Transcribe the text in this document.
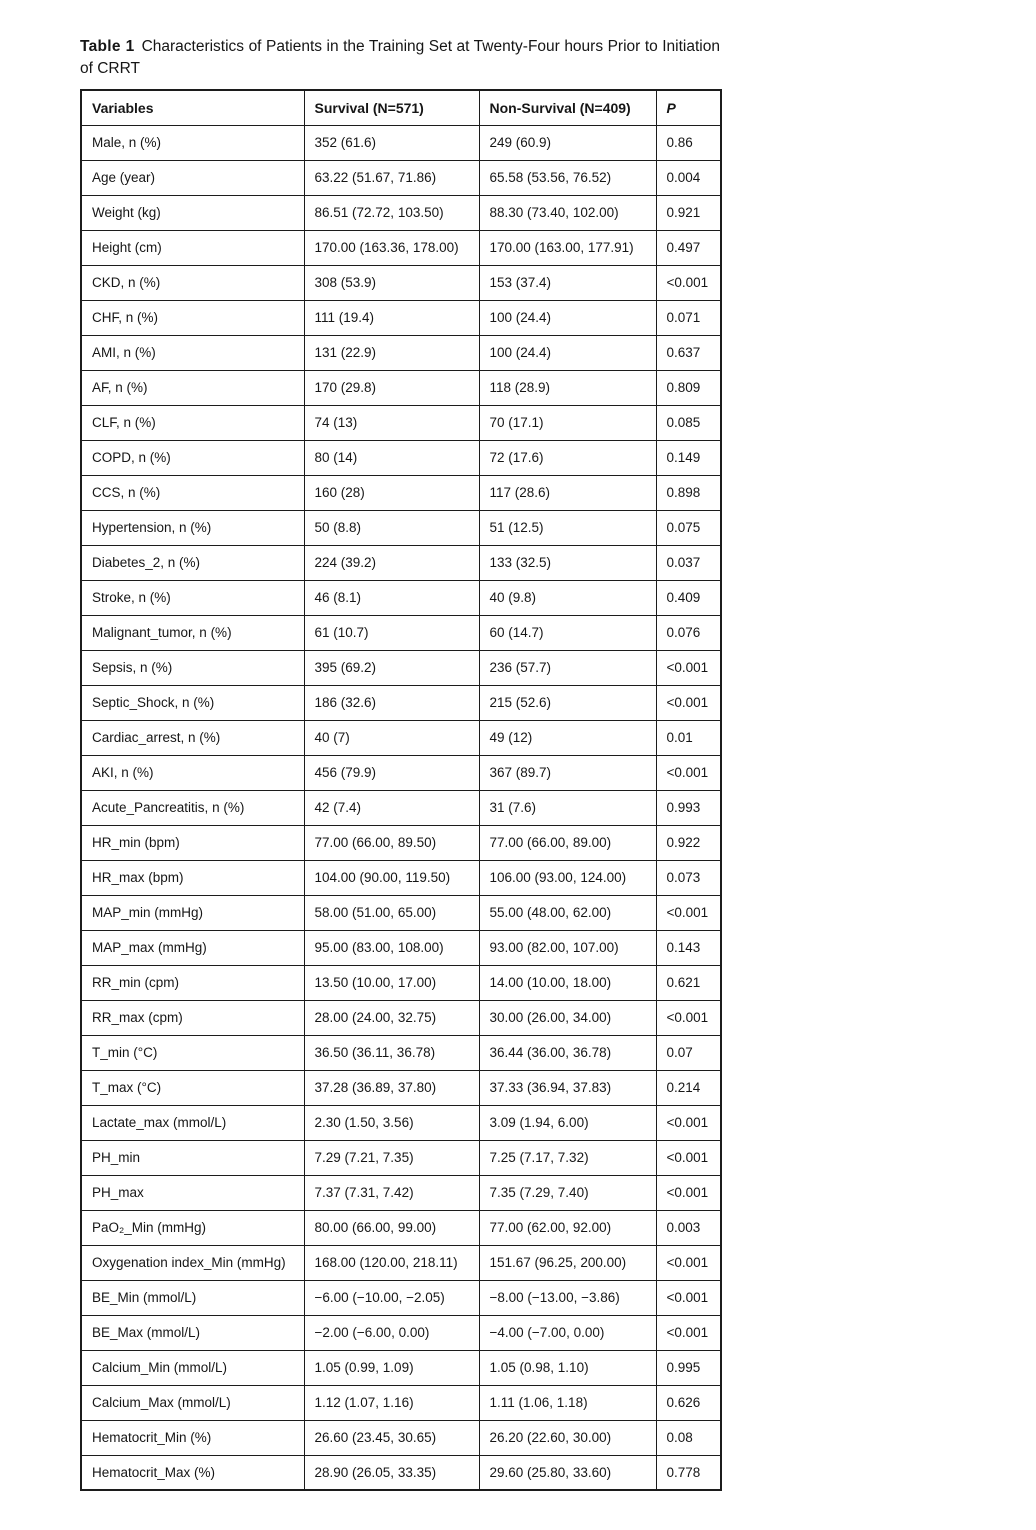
Table 1 Characteristics of Patients in the Training Set at Twenty-Four hours Prior to Initiation of CRRT

Variables	Survival (N=571)	Non-Survival (N=409)	P
Male, n (%)	352 (61.6)	249 (60.9)	0.86
Age (year)	63.22 (51.67, 71.86)	65.58 (53.56, 76.52)	0.004
Weight (kg)	86.51 (72.72, 103.50)	88.30 (73.40, 102.00)	0.921
Height (cm)	170.00 (163.36, 178.00)	170.00 (163.00, 177.91)	0.497
CKD, n (%)	308 (53.9)	153 (37.4)	<0.001
CHF, n (%)	111 (19.4)	100 (24.4)	0.071
AMI, n (%)	131 (22.9)	100 (24.4)	0.637
AF, n (%)	170 (29.8)	118 (28.9)	0.809
CLF, n (%)	74 (13)	70 (17.1)	0.085
COPD, n (%)	80 (14)	72 (17.6)	0.149
CCS, n (%)	160 (28)	117 (28.6)	0.898
Hypertension, n (%)	50 (8.8)	51 (12.5)	0.075
Diabetes_2, n (%)	224 (39.2)	133 (32.5)	0.037
Stroke, n (%)	46 (8.1)	40 (9.8)	0.409
Malignant_tumor, n (%)	61 (10.7)	60 (14.7)	0.076
Sepsis, n (%)	395 (69.2)	236 (57.7)	<0.001
Septic_Shock, n (%)	186 (32.6)	215 (52.6)	<0.001
Cardiac_arrest, n (%)	40 (7)	49 (12)	0.01
AKI, n (%)	456 (79.9)	367 (89.7)	<0.001
Acute_Pancreatitis, n (%)	42 (7.4)	31 (7.6)	0.993
HR_min (bpm)	77.00 (66.00, 89.50)	77.00 (66.00, 89.00)	0.922
HR_max (bpm)	104.00 (90.00, 119.50)	106.00 (93.00, 124.00)	0.073
MAP_min (mmHg)	58.00 (51.00, 65.00)	55.00 (48.00, 62.00)	<0.001
MAP_max (mmHg)	95.00 (83.00, 108.00)	93.00 (82.00, 107.00)	0.143
RR_min (cpm)	13.50 (10.00, 17.00)	14.00 (10.00, 18.00)	0.621
RR_max (cpm)	28.00 (24.00, 32.75)	30.00 (26.00, 34.00)	<0.001
T_min (°C)	36.50 (36.11, 36.78)	36.44 (36.00, 36.78)	0.07
T_max (°C)	37.28 (36.89, 37.80)	37.33 (36.94, 37.83)	0.214
Lactate_max (mmol/L)	2.30 (1.50, 3.56)	3.09 (1.94, 6.00)	<0.001
PH_min	7.29 (7.21, 7.35)	7.25 (7.17, 7.32)	<0.001
PH_max	7.37 (7.31, 7.42)	7.35 (7.29, 7.40)	<0.001
PaO₂_Min (mmHg)	80.00 (66.00, 99.00)	77.00 (62.00, 92.00)	0.003
Oxygenation index_Min (mmHg)	168.00 (120.00, 218.11)	151.67 (96.25, 200.00)	<0.001
BE_Min (mmol/L)	−6.00 (−10.00, −2.05)	−8.00 (−13.00, −3.86)	<0.001
BE_Max (mmol/L)	−2.00 (−6.00, 0.00)	−4.00 (−7.00, 0.00)	<0.001
Calcium_Min (mmol/L)	1.05 (0.99, 1.09)	1.05 (0.98, 1.10)	0.995
Calcium_Max (mmol/L)	1.12 (1.07, 1.16)	1.11 (1.06, 1.18)	0.626
Hematocrit_Min (%)	26.60 (23.45, 30.65)	26.20 (22.60, 30.00)	0.08
Hematocrit_Max (%)	28.90 (26.05, 33.35)	29.60 (25.80, 33.60)	0.778
